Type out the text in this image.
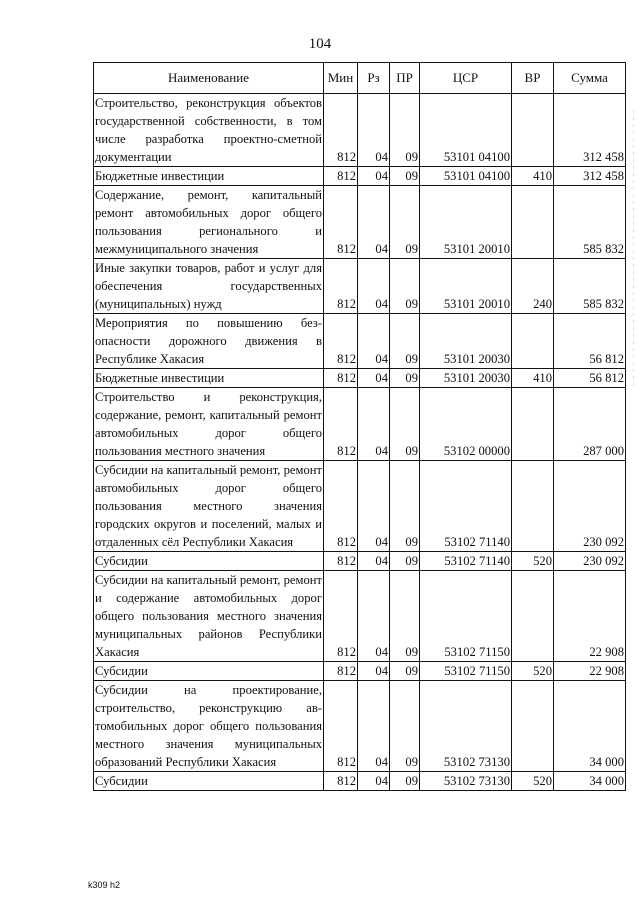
104
Наименование	Мин	Рз	ПР	ЦСР	ВР	Сумма
Строительство, реконструкция объектов государственной собственности, в том числе разработка проектно-сметной документации	812	04	09	53101 04100		312 458
Бюджетные инвестиции	812	04	09	53101 04100	410	312 458
Содержание, ремонт, капитальный ремонт автомобильных дорог общего пользования регионального и межмуниципального значения	812	04	09	53101 20010		585 832
Иные закупки товаров, работ и услуг для обеспечения государственных (муниципальных) нужд	812	04	09	53101 20010	240	585 832
Мероприятия по повышению безопасности дорожного движения в Республике Хакасия	812	04	09	53101 20030		56 812
Бюджетные инвестиции	812	04	09	53101 20030	410	56 812
Строительство и реконструкция, содержание, ремонт, капитальный ремонт автомобильных дорог общего пользования местного значения	812	04	09	53102 00000		287 000
Субсидии на капитальный ремонт, ремонт автомобильных дорог общего пользования местного значения городских округов и поселений, малых и отдаленных сёл Республики Хакасия	812	04	09	53102 71140		230 092
Субсидии	812	04	09	53102 71140	520	230 092
Субсидии на капитальный ремонт, ремонт и содержание автомобильных дорог общего пользования местного значения муниципальных районов Республики Хакасия	812	04	09	53102 71150		22 908
Субсидии	812	04	09	53102 71150	520	22 908
Субсидии на проектирование, строительство, реконструкцию автомобильных дорог общего пользования местного значения муниципальных образований Республики Хакасия	812	04	09	53102 73130		34 000
Субсидии	812	04	09	53102 73130	520	34 000
k309 h2
